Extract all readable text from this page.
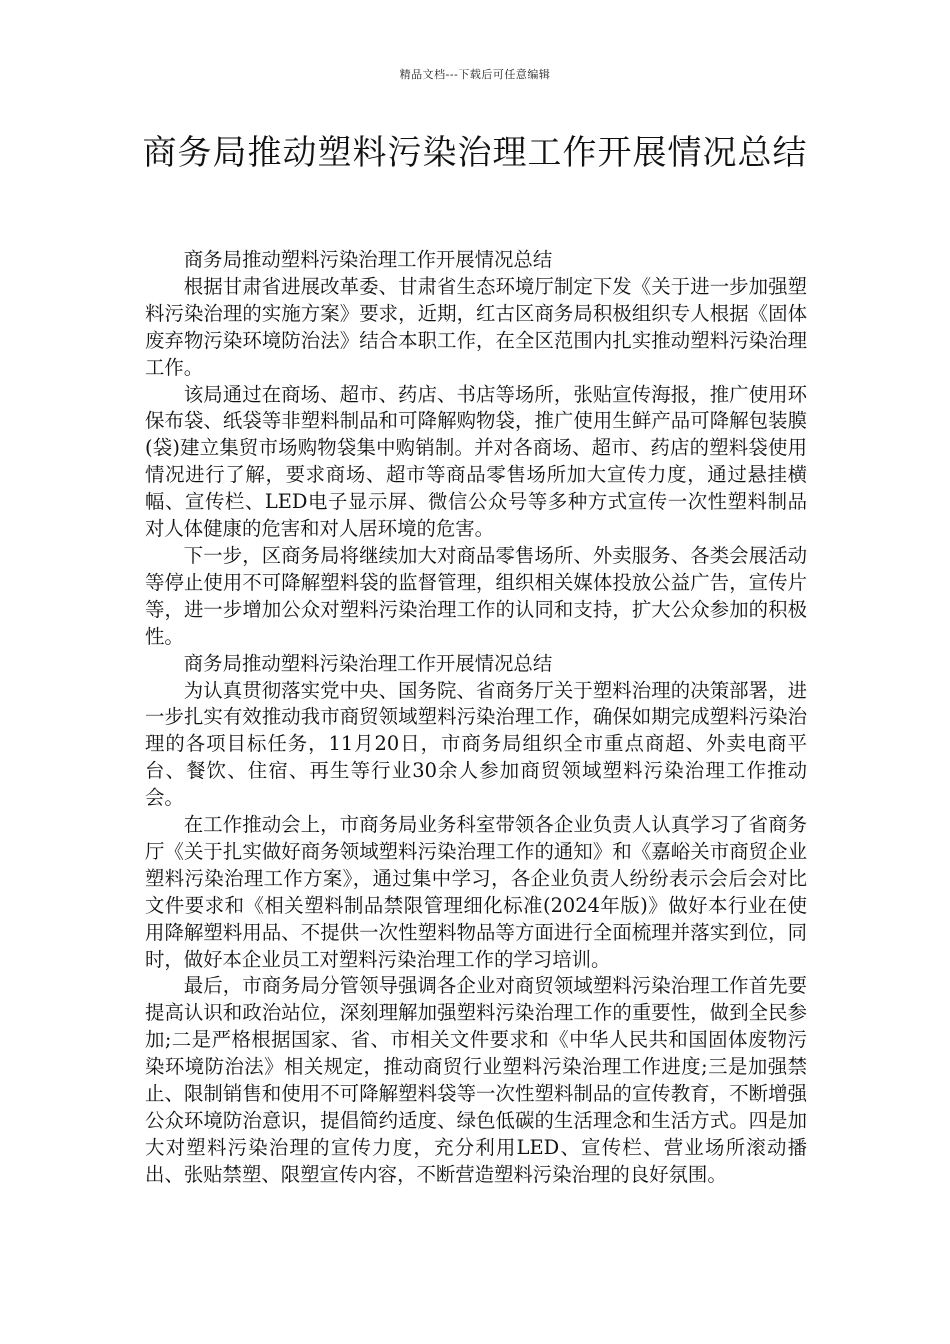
精品文档---下载后可任意编辑
商务局推动塑料污染治理工作开展情况总结

商务局推动塑料污染治理工作开展情况总结

根据甘肃省进展改革委、甘肃省生态环境厅制定下发《关于进一步加强塑料污染治理的实施方案》要求，近期，红古区商务局积极组织专人根据《固体废弃物污染环境防治法》结合本职工作，在全区范围内扎实推动塑料污染治理工作。

该局通过在商场、超市、药店、书店等场所，张贴宣传海报，推广使用环保布袋、纸袋等非塑料制品和可降解购物袋，推广使用生鲜产品可降解包装膜(袋)建立集贸市场购物袋集中购销制。并对各商场、超市、药店的塑料袋使用情况进行了解，要求商场、超市等商品零售场所加大宣传力度，通过悬挂横幅、宣传栏、LED电子显示屏、微信公众号等多种方式宣传一次性塑料制品对人体健康的危害和对人居环境的危害。

下一步，区商务局将继续加大对商品零售场所、外卖服务、各类会展活动等停止使用不可降解塑料袋的监督管理，组织相关媒体投放公益广告，宣传片等，进一步增加公众对塑料污染治理工作的认同和支持，扩大公众参加的积极性。

商务局推动塑料污染治理工作开展情况总结

为认真贯彻落实党中央、国务院、省商务厅关于塑料治理的决策部署，进一步扎实有效推动我市商贸领域塑料污染治理工作，确保如期完成塑料污染治理的各项目标任务，11月20日，市商务局组织全市重点商超、外卖电商平台、餐饮、住宿、再生等行业30余人参加商贸领域塑料污染治理工作推动会。

在工作推动会上，市商务局业务科室带领各企业负责人认真学习了省商务厅《关于扎实做好商务领域塑料污染治理工作的通知》和《嘉峪关市商贸企业塑料污染治理工作方案》，通过集中学习，各企业负责人纷纷表示会后会对比文件要求和《相关塑料制品禁限管理细化标准(2024年版)》做好本行业在使用降解塑料用品、不提供一次性塑料物品等方面进行全面梳理并落实到位，同时，做好本企业员工对塑料污染治理工作的学习培训。

最后，市商务局分管领导强调各企业对商贸领域塑料污染治理工作首先要提高认识和政治站位，深刻理解加强塑料污染治理工作的重要性，做到全民参加;二是严格根据国家、省、市相关文件要求和《中华人民共和国固体废物污染环境防治法》相关规定，推动商贸行业塑料污染治理工作进度;三是加强禁止、限制销售和使用不可降解塑料袋等一次性塑料制品的宣传教育，不断增强公众环境防治意识，提倡简约适度、绿色低碳的生活理念和生活方式。四是加大对塑料污染治理的宣传力度，充分利用LED、宣传栏、营业场所滚动播出、张贴禁塑、限塑宣传内容，不断营造塑料污染治理的良好氛围。
